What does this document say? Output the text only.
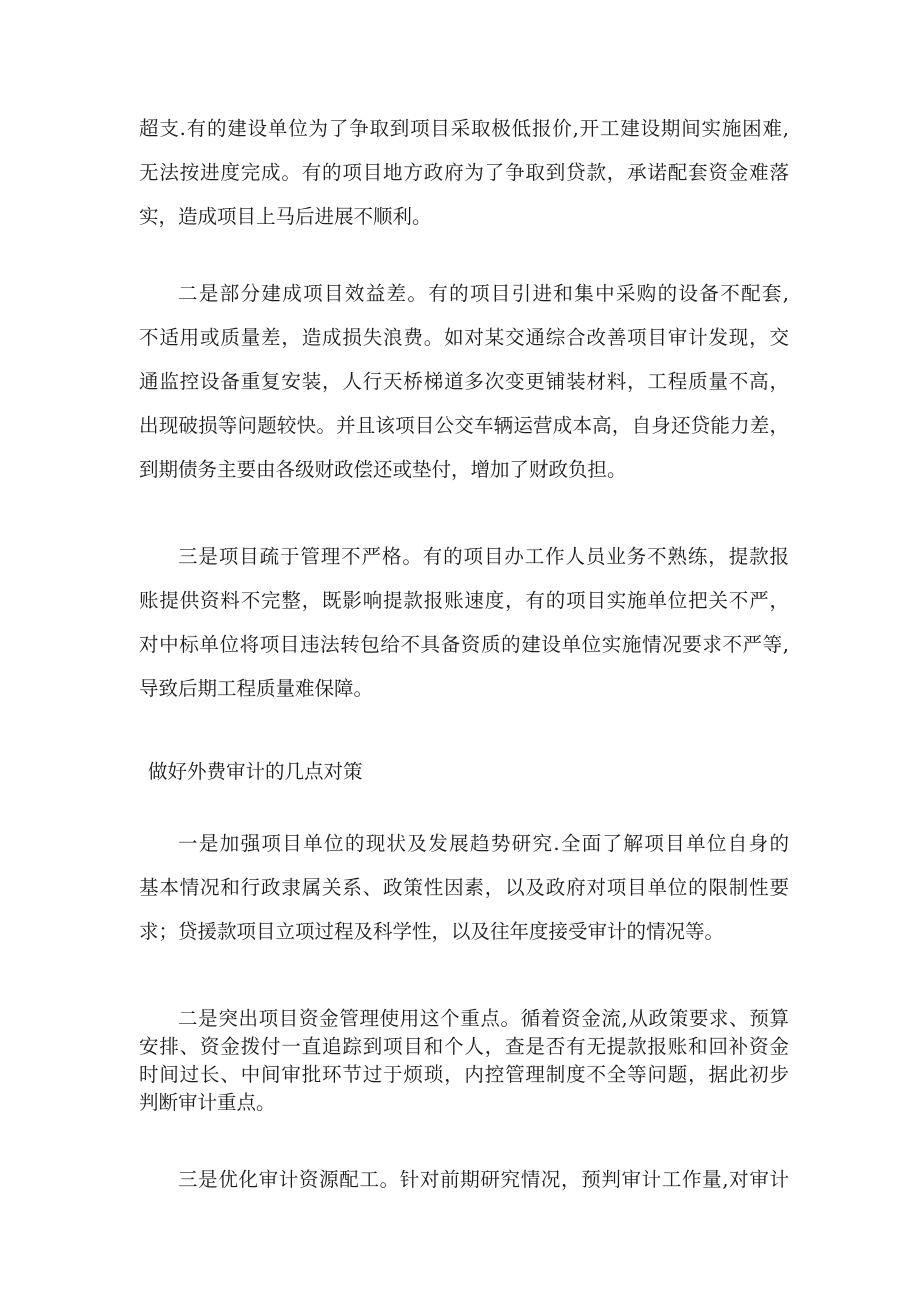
超支.有的建设单位为了争取到项目采取极低报价,开工建设期间实施困难,
无法按进度完成。有的项目地方政府为了争取到贷款，承诺配套资金难落
实，造成项目上马后进展不顺利。
二是部分建成项目效益差。有的项目引进和集中采购的设备不配套,
不适用或质量差，造成损失浪费。如对某交通综合改善项目审计发现，交
通监控设备重复安装，人行天桥梯道多次变更铺装材料，工程质量不高，
出现破损等问题较快。并且该项目公交车辆运营成本高，自身还贷能力差，
到期债务主要由各级财政偿还或垫付，增加了财政负担。
三是项目疏于管理不严格。有的项目办工作人员业务不熟练，提款报
账提供资料不完整，既影响提款报账速度，有的项目实施单位把关不严，
对中标单位将项目违法转包给不具备资质的建设单位实施情况要求不严等,
导致后期工程质量难保障。
做好外费审计的几点对策
一是加强项目单位的现状及发展趋势研究.全面了解项目单位自身的
基本情况和行政隶属关系、政策性因素，以及政府对项目单位的限制性要
求；贷援款项目立项过程及科学性，以及往年度接受审计的情况等。
二是突出项目资金管理使用这个重点。循着资金流,从政策要求、预算
安排、资金拨付一直追踪到项目和个人，查是否有无提款报账和回补资金
时间过长、中间审批环节过于烦琐，内控管理制度不全等问题，据此初步
判断审计重点。
三是优化审计资源配工。针对前期研究情况，预判审计工作量,对审计
